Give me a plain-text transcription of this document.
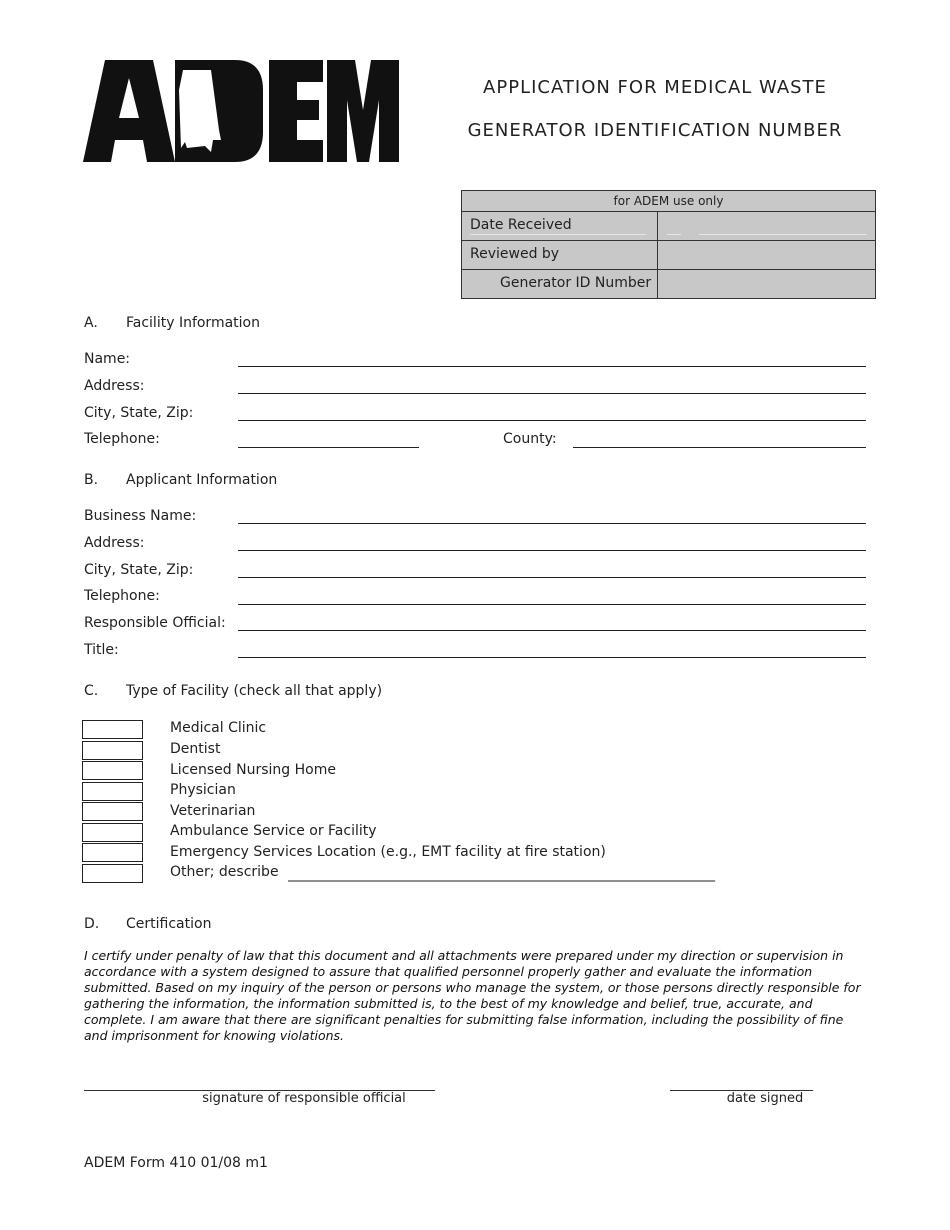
APPLICATION FOR MEDICAL WASTE
GENERATOR IDENTIFICATION NUMBER
for ADEM use only
Date Received
Reviewed by
Generator ID Number
A. Facility Information
Name:
Address:
City, State, Zip:
Telephone:	County:
B. Applicant Information
Business Name:
Address:
City, State, Zip:
Telephone:
Responsible Official:
Title:
C. Type of Facility (check all that apply)
Medical Clinic
Dentist
Licensed Nursing Home
Physician
Veterinarian
Ambulance Service or Facility
Emergency Services Location (e.g., EMT facility at fire station)
Other; describe _____________________________________________________________
D. Certification
I certify under penalty of law that this document and all attachments were prepared under my direction or supervision in accordance with a system designed to assure that qualified personnel properly gather and evaluate the information submitted. Based on my inquiry of the person or persons who manage the system, or those persons directly responsible for gathering the information, the information submitted is, to the best of my knowledge and belief, true, accurate, and complete. I am aware that there are significant penalties for submitting false information, including the possibility of fine and imprisonment for knowing violations.
______________________________________________________
signature of responsible official
______________________
date signed
ADEM Form 410 01/08 m1
